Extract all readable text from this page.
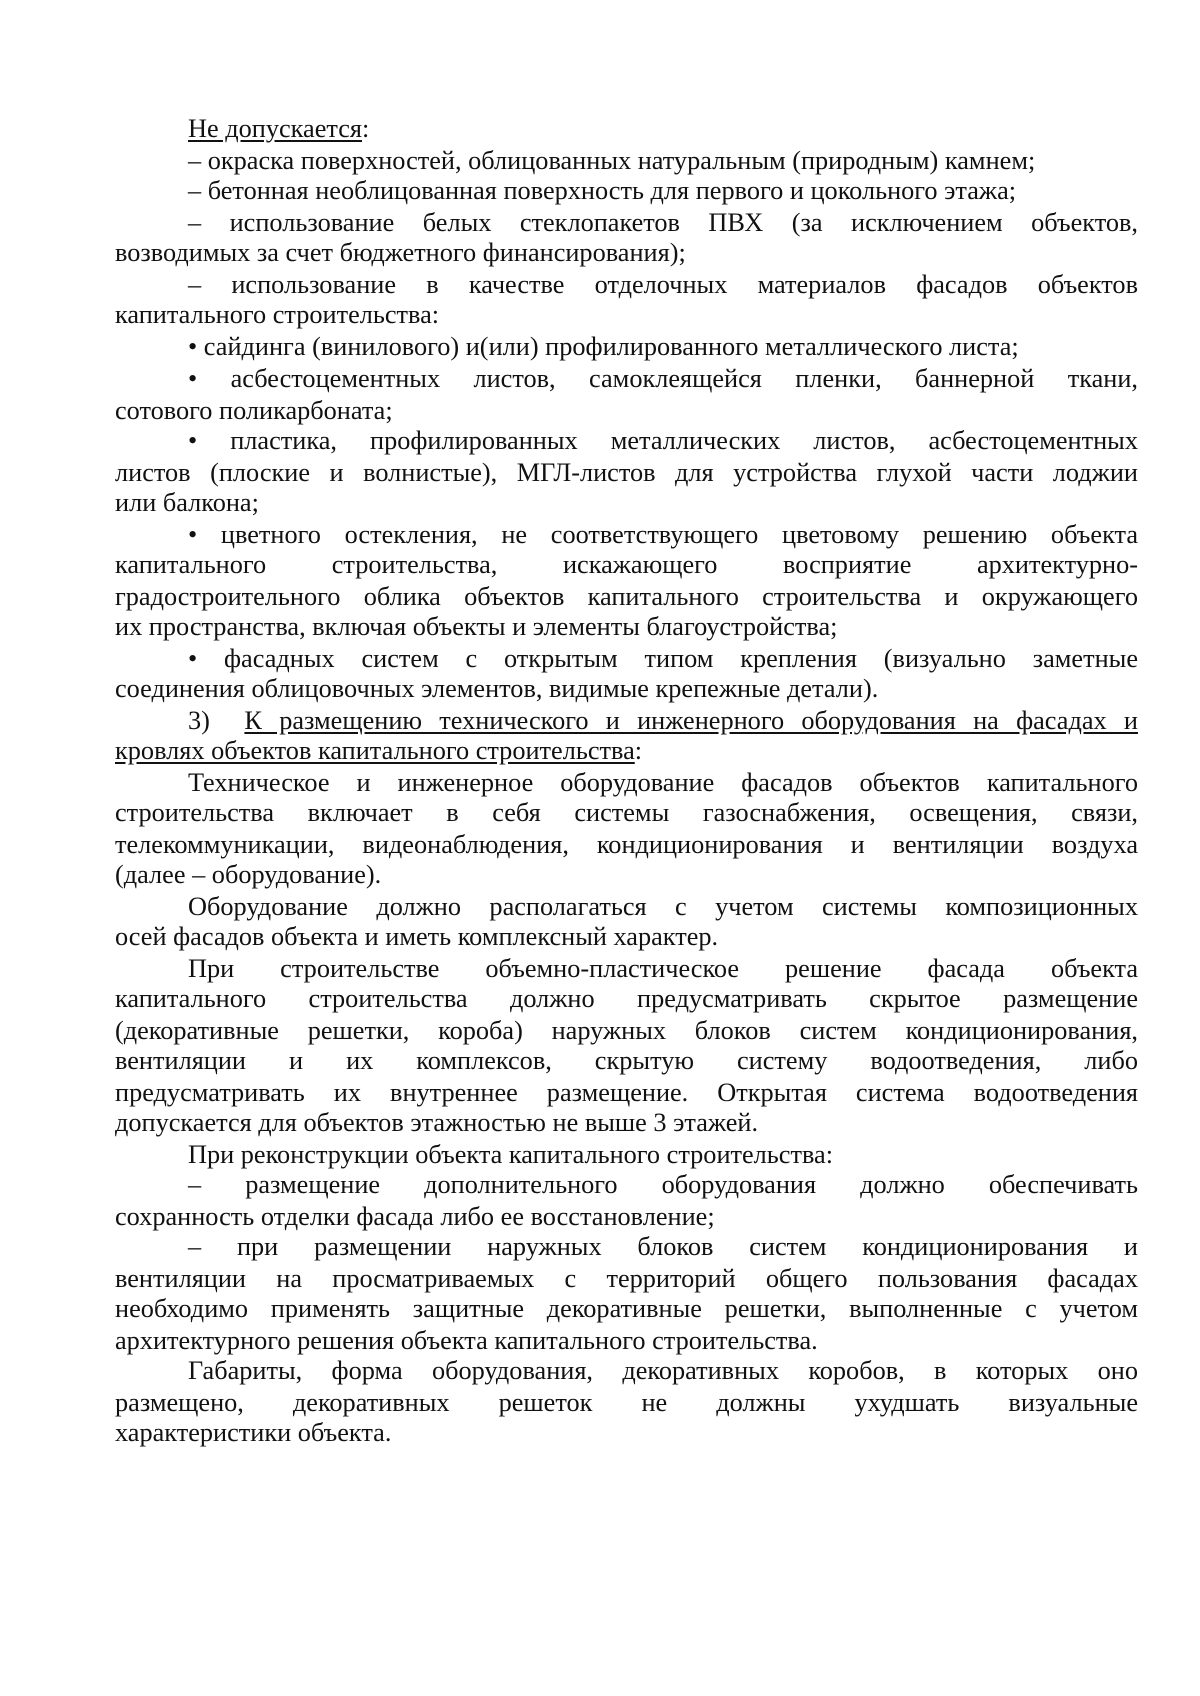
Не допускается:
– окраска поверхностей, облицованных натуральным (природным) камнем;
– бетонная необлицованная поверхность для первого и цокольного этажа;
– использование белых стеклопакетов ПВХ (за исключением объектов,
возводимых за счет бюджетного финансирования);
– использование в качестве отделочных материалов фасадов объектов
капитального строительства:
• сайдинга (винилового) и(или) профилированного металлического листа;
• асбестоцементных листов, самоклеящейся пленки, баннерной ткани,
сотового поликарбоната;
• пластика, профилированных металлических листов, асбестоцементных
листов (плоские и волнистые), МГЛ-листов для устройства глухой части лоджии
или балкона;
• цветного остекления, не соответствующего цветовому решению объекта
капитального строительства, искажающего восприятие архитектурно-
градостроительного облика объектов капитального строительства и окружающего
их пространства, включая объекты и элементы благоустройства;
• фасадных систем с открытым типом крепления (визуально заметные
соединения облицовочных элементов, видимые крепежные детали).
3)  К размещению технического и инженерного оборудования на фасадах и
кровлях объектов капитального строительства:
Техническое и инженерное оборудование фасадов объектов капитального
строительства включает в себя системы газоснабжения, освещения, связи,
телекоммуникации, видеонаблюдения, кондиционирования и вентиляции воздуха
(далее – оборудование).
Оборудование должно располагаться с учетом системы композиционных
осей фасадов объекта и иметь комплексный характер.
При строительстве объемно-пластическое решение фасада объекта
капитального строительства должно предусматривать скрытое размещение
(декоративные решетки, короба) наружных блоков систем кондиционирования,
вентиляции и их комплексов, скрытую систему водоотведения, либо
предусматривать их внутреннее размещение. Открытая система водоотведения
допускается для объектов этажностью не выше 3 этажей.
При реконструкции объекта капитального строительства:
– размещение дополнительного оборудования должно обеспечивать
сохранность отделки фасада либо ее восстановление;
– при размещении наружных блоков систем кондиционирования и
вентиляции на просматриваемых с территорий общего пользования фасадах
необходимо применять защитные декоративные решетки, выполненные с учетом
архитектурного решения объекта капитального строительства.
Габариты, форма оборудования, декоративных коробов, в которых оно
размещено, декоративных решеток не должны ухудшать визуальные
характеристики объекта.
